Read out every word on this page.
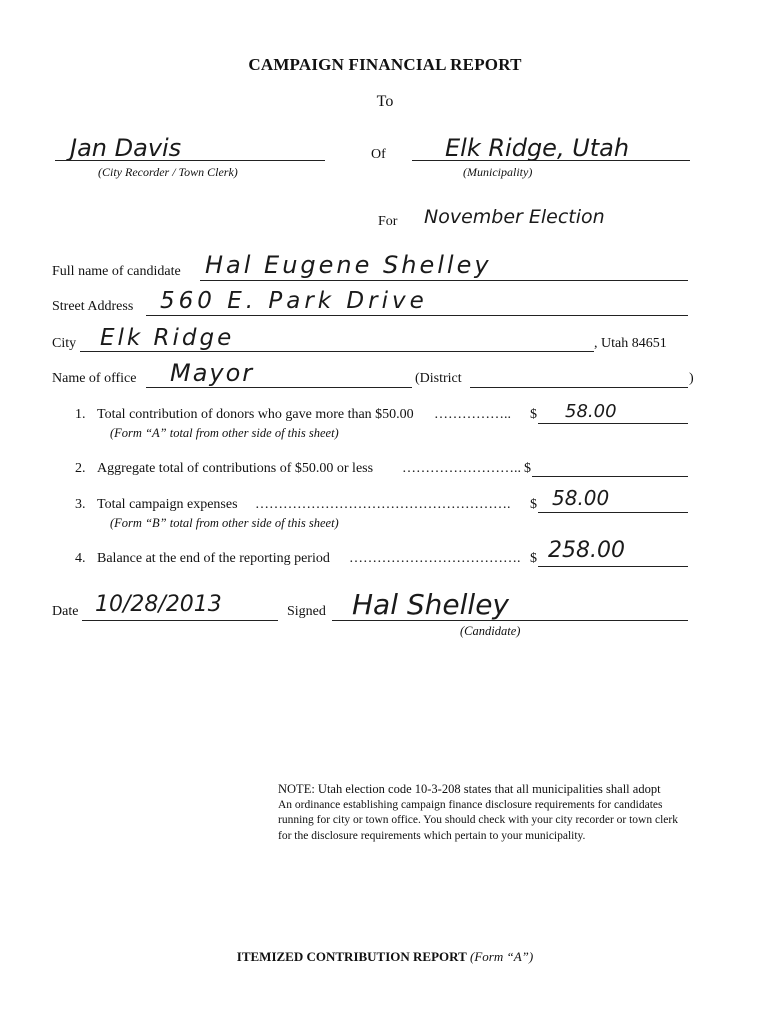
CAMPAIGN FINANCIAL REPORT
To
Jan Davis
(City Recorder / Town Clerk)
Of Elk Ridge, Utah
(Municipality)
For November Election
Full name of candidate Hal Eugene Shelley
Street Address 560 E. Park Drive
City Elk Ridge	, Utah 84651
Name of office Mayor	(District	)
1. Total contribution of donors who gave more than $50.00 …………….. $ 58.00
(Form “A” total from other side of this sheet)
2. Aggregate total of contributions of $50.00 or less …………………….. $
3. Total campaign expenses ………………………………………………. $ 58.00
(Form “B” total from other side of this sheet)
4. Balance at the end of the reporting period ………………………………. $ 258.00
Date 10/28/2013	Signed Hal Shelley
(Candidate)
NOTE: Utah election code 10-3-208 states that all municipalities shall adopt
An ordinance establishing campaign finance disclosure requirements for candidates
running for city or town office. You should check with your city recorder or town clerk
for the disclosure requirements which pertain to your municipality.
ITEMIZED CONTRIBUTION REPORT (Form “A”)
